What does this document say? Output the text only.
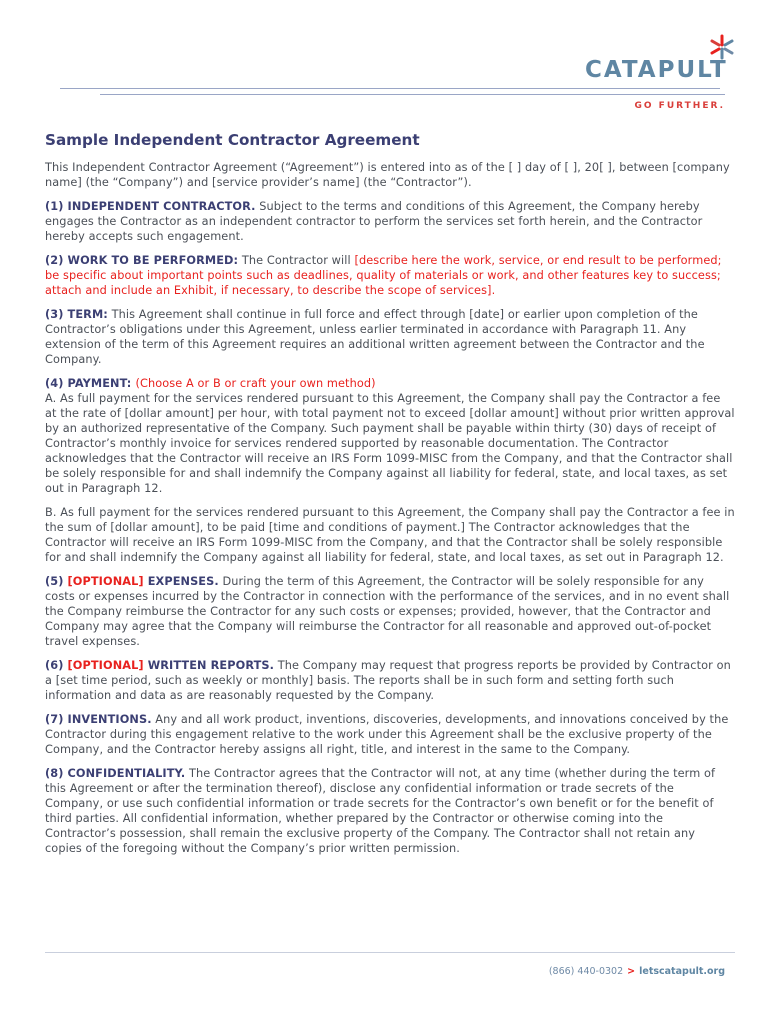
CATAPULT
GO FURTHER.
Sample Independent Contractor Agreement

This Independent Contractor Agreement (“Agreement”) is entered into as of the [ ] day of [ ], 20[ ], between [company name] (the “Company”) and [service provider’s name] (the “Contractor”).

(1) INDEPENDENT CONTRACTOR. Subject to the terms and conditions of this Agreement, the Company hereby engages the Contractor as an independent contractor to perform the services set forth herein, and the Contractor hereby accepts such engagement.

(2) WORK TO BE PERFORMED: The Contractor will [describe here the work, service, or end result to be performed; be specific about important points such as deadlines, quality of materials or work, and other features key to success; attach and include an Exhibit, if necessary, to describe the scope of services].

(3) TERM: This Agreement shall continue in full force and effect through [date] or earlier upon completion of the Contractor’s obligations under this Agreement, unless earlier terminated in accordance with Paragraph 11. Any extension of the term of this Agreement requires an additional written agreement between the Contractor and the Company.

(4) PAYMENT: (Choose A or B or craft your own method)
A. As full payment for the services rendered pursuant to this Agreement, the Company shall pay the Contractor a fee at the rate of [dollar amount] per hour, with total payment not to exceed [dollar amount] without prior written approval by an authorized representative of the Company. Such payment shall be payable within thirty (30) days of receipt of Contractor’s monthly invoice for services rendered supported by reasonable documentation. The Contractor acknowledges that the Contractor will receive an IRS Form 1099-MISC from the Company, and that the Contractor shall be solely responsible for and shall indemnify the Company against all liability for federal, state, and local taxes, as set out in Paragraph 12.

B. As full payment for the services rendered pursuant to this Agreement, the Company shall pay the Contractor a fee in the sum of [dollar amount], to be paid [time and conditions of payment.] The Contractor acknowledges that the Contractor will receive an IRS Form 1099-MISC from the Company, and that the Contractor shall be solely responsible for and shall indemnify the Company against all liability for federal, state, and local taxes, as set out in Paragraph 12.

(5) [OPTIONAL] EXPENSES. During the term of this Agreement, the Contractor will be solely responsible for any costs or expenses incurred by the Contractor in connection with the performance of the services, and in no event shall the Company reimburse the Contractor for any such costs or expenses; provided, however, that the Contractor and Company may agree that the Company will reimburse the Contractor for all reasonable and approved out-of-pocket travel expenses.

(6) [OPTIONAL] WRITTEN REPORTS. The Company may request that progress reports be provided by Contractor on a [set time period, such as weekly or monthly] basis. The reports shall be in such form and setting forth such information and data as are reasonably requested by the Company.

(7) INVENTIONS. Any and all work product, inventions, discoveries, developments, and innovations conceived by the Contractor during this engagement relative to the work under this Agreement shall be the exclusive property of the Company, and the Contractor hereby assigns all right, title, and interest in the same to the Company.

(8) CONFIDENTIALITY. The Contractor agrees that the Contractor will not, at any time (whether during the term of this Agreement or after the termination thereof), disclose any confidential information or trade secrets of the Company, or use such confidential information or trade secrets for the Contractor’s own benefit or for the benefit of third parties. All confidential information, whether prepared by the Contractor or otherwise coming into the Contractor’s possession, shall remain the exclusive property of the Company. The Contractor shall not retain any copies of the foregoing without the Company’s prior written permission.

(866) 440-0302 > letscatapult.org
